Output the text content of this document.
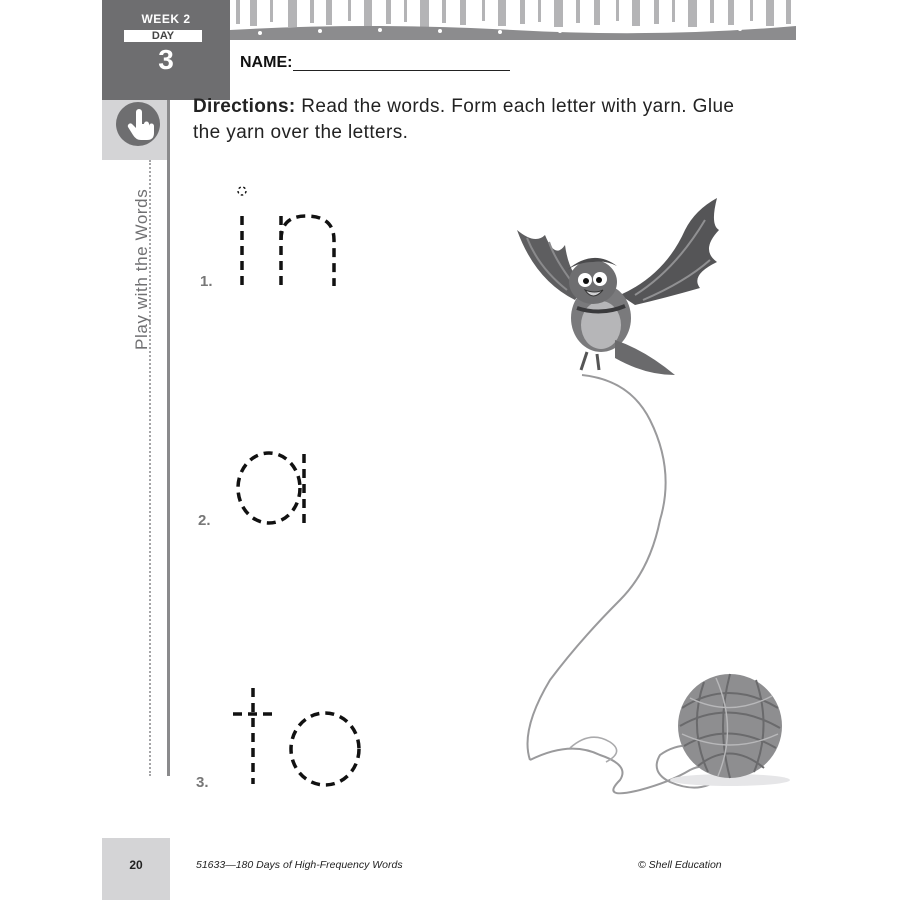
WEEK 2
DAY
3
Play with the Words
NAME:
Directions: Read the words. Form each letter with yarn. Glue the yarn over the letters.
1.
2.
3.
20	51633—180 Days of High-Frequency Words	© Shell Education
